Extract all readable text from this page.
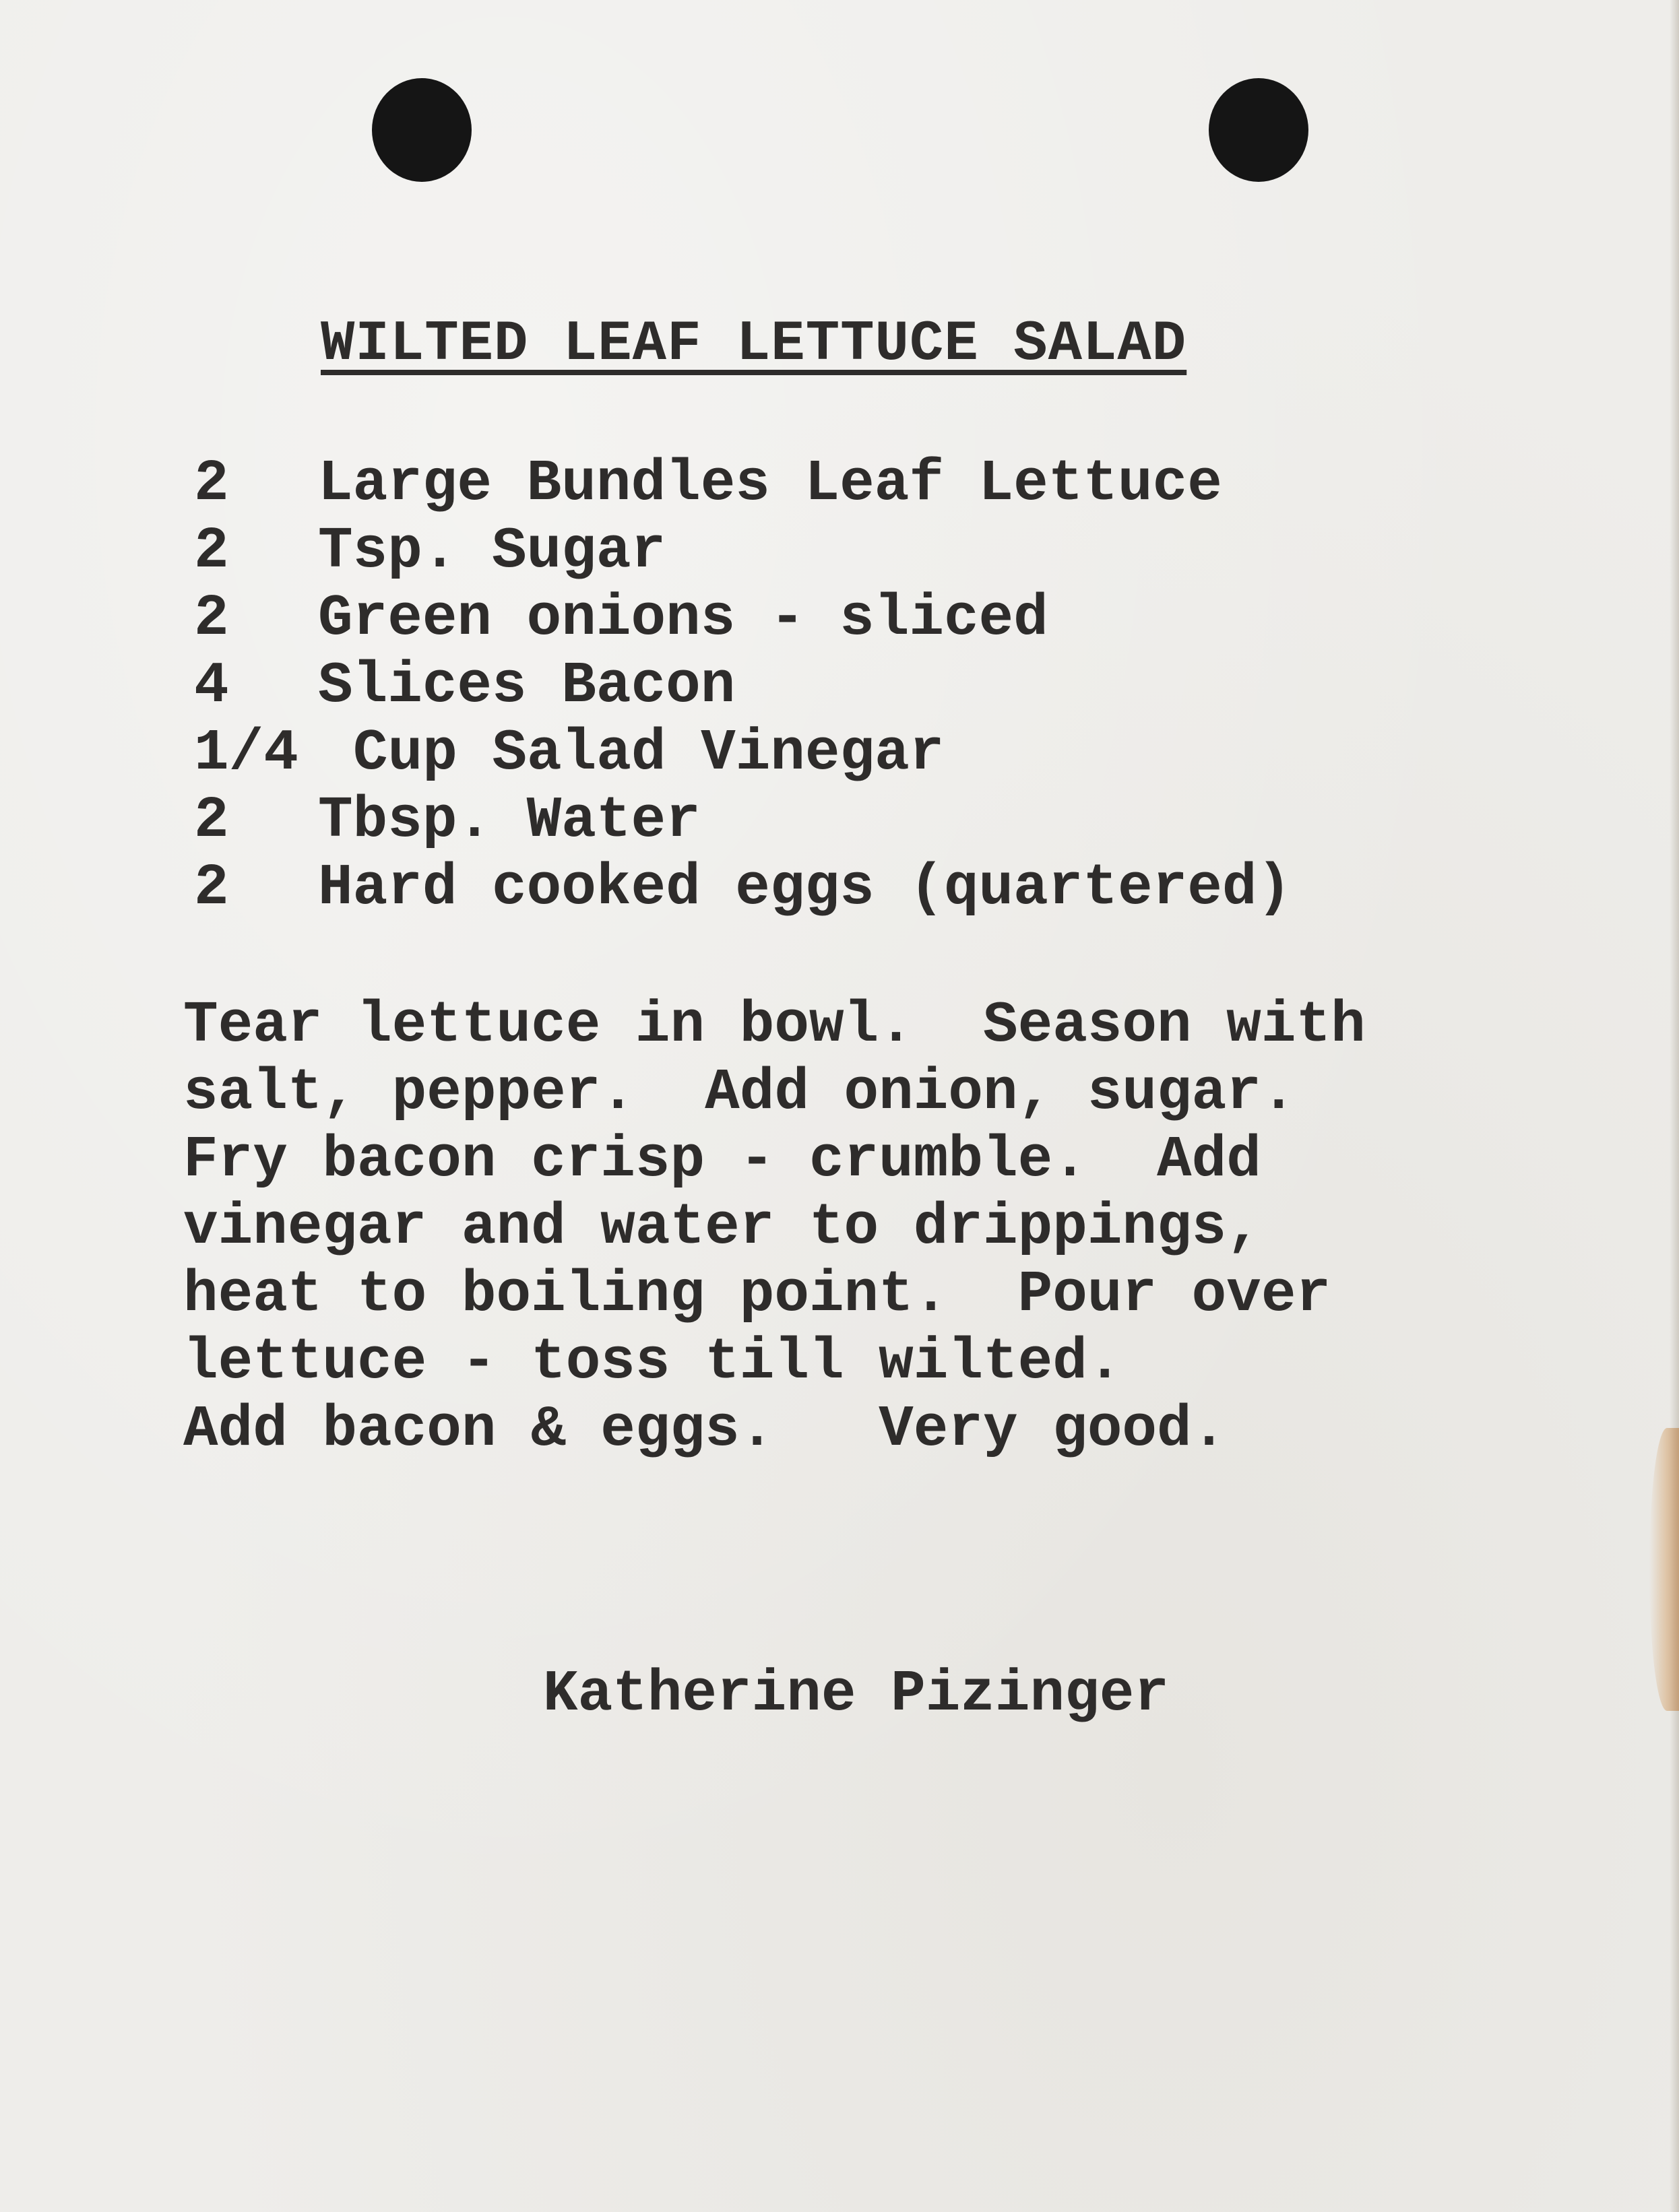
WILTED LEAF LETTUCE SALAD
2 Large Bundles Leaf Lettuce
2 Tsp. Sugar
2 Green onions - sliced
4 Slices Bacon
1/4 Cup Salad Vinegar
2 Tbsp. Water
2 Hard cooked eggs (quartered)
Tear lettuce in bowl.  Season with
salt, pepper.  Add onion, sugar.
Fry bacon crisp - crumble.  Add
vinegar and water to drippings,
heat to boiling point.  Pour over
lettuce - toss till wilted.
Add bacon & eggs.   Very good.
Katherine Pizinger
